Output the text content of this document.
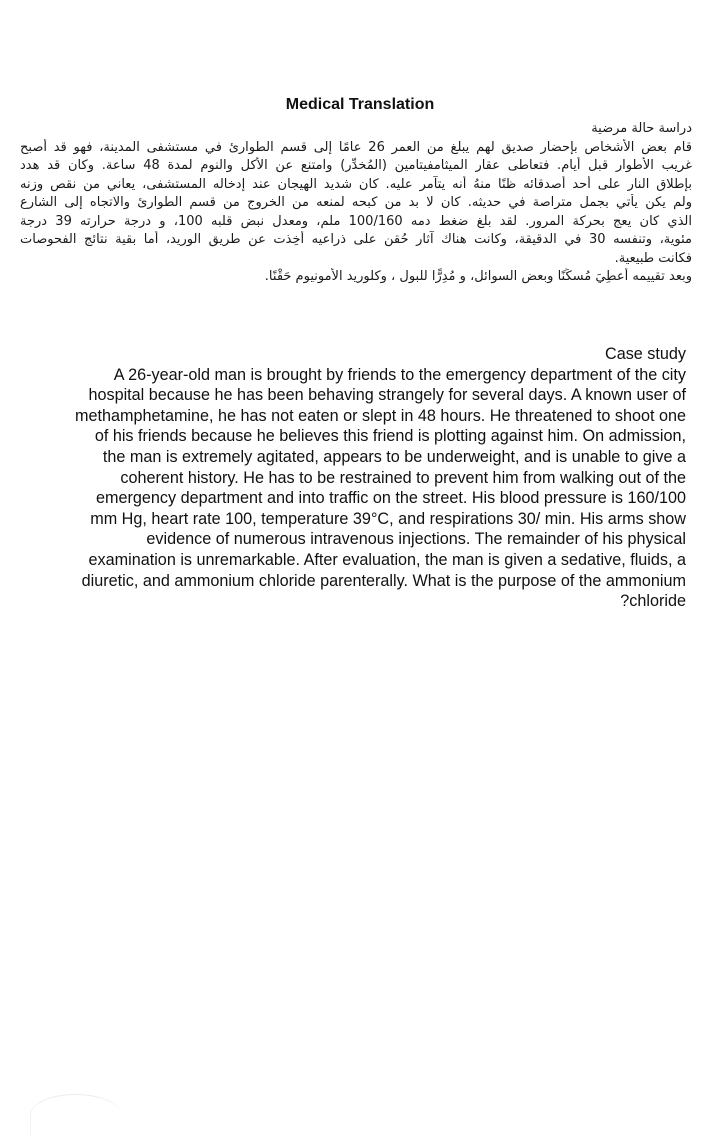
Medical Translation
دراسة حالة مرضية
قام بعض الأشخاص بإحضار صديق لهم يبلغ من العمر 26 عامًا إلى قسم الطوارئ في مستشفى المدينة، فهو قد أصبح
غريب الأطوار قبل أيام. فتعاطى عقار الميثامفيتامين (المُخدِّر) وامتنع عن الأكل والنوم لمدة 48 ساعة. وكان قد هدد
بإطلاق النار على أحد أصدقائه ظنًا منهُ أنه يتآمر عليه. كان شديد الهيجان عند إدخاله المستشفى، يعاني من نقص وزنه
ولم يكن يأتي بجمل متراصة في حديثه. كان لا بد من كبحه لمنعه من الخروج من قسم الطوارئ والاتجاه إلى الشارع
الذي كان يعج بحركة المرور. لقد بلغ ضغط دمه 100/160 ملم، ومعدل نبض قلبه 100، و درجة حرارته 39 درجة
مئوية، وتنفسه 30 في الدقيقة، وكانت هناك آثار حُقن على ذراعيه أُخِذت عن طريق الوريد، أما بقية نتائج الفحوصات
فكانت طبيعية.
وبعد تقييمه أُعطِيَ مُسكِّنًا وبعض السوائل، و مُدِرًّا للبول ، وكلوريد الأمونيوم حَقْنًا.
Case study
A 26-year-old man is brought by friends to the emergency department of the city
hospital because he has been behaving strangely for several days. A known user of
methamphetamine, he has not eaten or slept in 48 hours. He threatened to shoot one
of his friends because he believes this friend is plotting against him. On admission,
the man is extremely agitated, appears to be underweight, and is unable to give a
coherent history. He has to be restrained to prevent him from walking out of the
emergency department and into traffic on the street. His blood pressure is 160/100
mm Hg, heart rate 100, temperature 39°C, and respirations 30/ min. His arms show
evidence of numerous intravenous injections. The remainder of his physical
examination is unremarkable. After evaluation, the man is given a sedative, fluids, a
diuretic, and ammonium chloride parenterally. What is the purpose of the ammonium
?chloride
